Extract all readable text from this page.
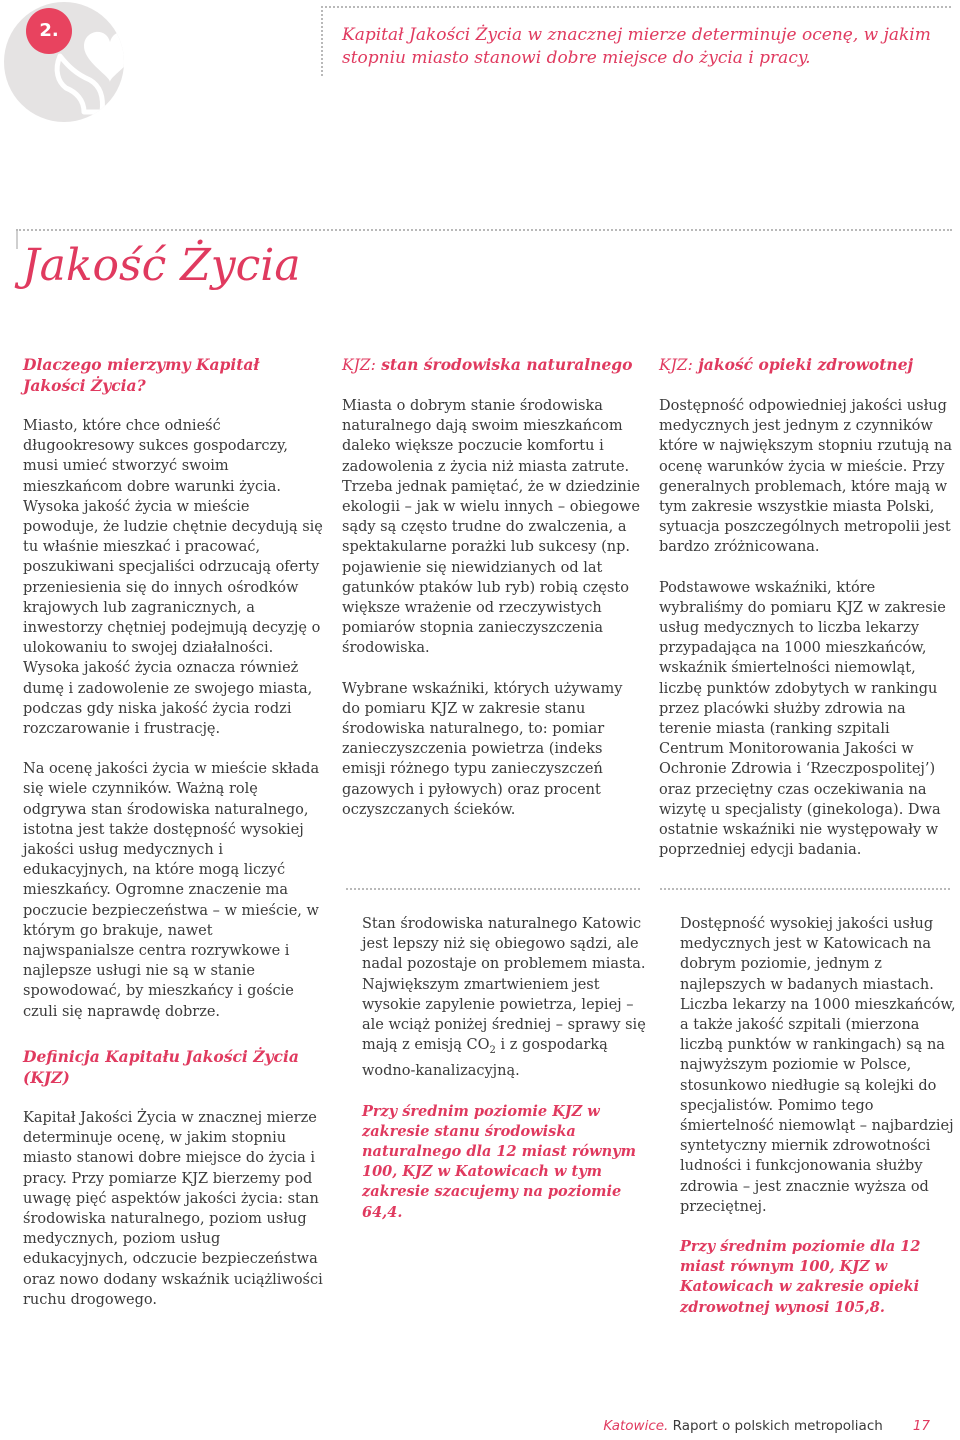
2.	Kapitał Jakości Życia w znacznej mierze determinuje ocenę, w jakim stopniu miasto stanowi dobre miejsce do życia i pracy.
Jakość Życia
Dlaczego mierzymy Kapitał Jakości Życia?

Miasto, które chce odnieść długookresowy sukces gospodarczy, musi umieć stworzyć swoim mieszkańcom dobre warunki życia. Wysoka jakość życia w mieście powoduje, że ludzie chętnie decydują się tu właśnie mieszkać i pracować, poszukiwani specjaliści odrzucają oferty przeniesienia się do innych ośrodków krajowych lub zagranicznych, a inwestorzy chętniej podejmują decyzję o ulokowaniu to swojej działalności. Wysoka jakość życia oznacza również dumę i zadowolenie ze swojego miasta, podczas gdy niska jakość życia rodzi rozczarowanie i frustrację.

Na ocenę jakości życia w mieście składa się wiele czynników. Ważną rolę odgrywa stan środowiska naturalnego, istotna jest także dostępność wysokiej jakości usług medycznych i edukacyjnych, na które mogą liczyć mieszkańcy. Ogromne znaczenie ma poczucie bezpieczeństwa – w mieście, w którym go brakuje, nawet najwspanialsze centra rozrywkowe i najlepsze usługi nie są w stanie spowodować, by mieszkańcy i goście czuli się naprawdę dobrze.

Definicja Kapitału Jakości Życia (KJZ)

Kapitał Jakości Życia w znacznej mierze determinuje ocenę, w jakim stopniu miasto stanowi dobre miejsce do życia i pracy. Przy pomiarze KJZ bierzemy pod uwagę pięć aspektów jakości życia: stan środowiska naturalnego, poziom usług medycznych, poziom usług edukacyjnych, odczucie bezpieczeństwa oraz nowo dodany wskaźnik uciążliwości ruchu drogowego.

KJZ: stan środowiska naturalnego

Miasta o dobrym stanie środowiska naturalnego dają swoim mieszkańcom daleko większe poczucie komfortu i zadowolenia z życia niż miasta zatrute. Trzeba jednak pamiętać, że w dziedzinie ekologii – jak w wielu innych – obiegowe sądy są często trudne do zwalczenia, a spektakularne porażki lub sukcesy (np. pojawienie się niewidzianych od lat gatunków ptaków lub ryb) robią często większe wrażenie od rzeczywistych pomiarów stopnia zanieczyszczenia środowiska.

Wybrane wskaźniki, których używamy do pomiaru KJZ w zakresie stanu środowiska naturalnego, to: pomiar zanieczyszczenia powietrza (indeks emisji różnego typu zanieczyszczeń gazowych i pyłowych) oraz procent oczyszczanych ścieków.

Stan środowiska naturalnego Katowic jest lepszy niż się obiegowo sądzi, ale nadal pozostaje on problemem miasta. Największym zmartwieniem jest wysokie zapylenie powietrza, lepiej – ale wciąż poniżej średniej – sprawy się mają z emisją $CO_2$ i z gospodarką wodno-kanalizacyjną.

Przy średnim poziomie KJZ w zakresie stanu środowiska naturalnego dla 12 miast równym 100, KJZ w Katowicach w tym zakresie szacujemy na poziomie 64,4.

KJZ: jakość opieki zdrowotnej

Dostępność odpowiedniej jakości usług medycznych jest jednym z czynników które w największym stopniu rzutują na ocenę warunków życia w mieście. Przy generalnych problemach, które mają w tym zakresie wszystkie miasta Polski, sytuacja poszczególnych metropolii jest bardzo zróżnicowana.

Podstawowe wskaźniki, które wybraliśmy do pomiaru KJZ w zakresie usług medycznych to liczba lekarzy przypadająca na 1000 mieszkańców, wskaźnik śmiertelności niemowląt, liczbę punktów zdobytych w rankingu przez placówki służby zdrowia na terenie miasta (ranking szpitali Centrum Monitorowania Jakości w Ochronie Zdrowia i ‘Rzeczpospolitej’) oraz przeciętny czas oczekiwania na wizytę u specjalisty (ginekologa). Dwa ostatnie wskaźniki nie występowały w poprzedniej edycji badania.

Dostępność wysokiej jakości usług medycznych jest w Katowicach na dobrym poziomie, jednym z najlepszych w badanych miastach. Liczba lekarzy na 1000 mieszkańców, a także jakość szpitali (mierzona liczbą punktów w rankingach) są na najwyższym poziomie w Polsce, stosunkowo niedługie są kolejki do specjalistów. Pomimo tego śmiertelność niemowląt – najbardziej syntetyczny miernik zdrowotności ludności i funkcjonowania służby zdrowia – jest znacznie wyższa od przeciętnej.

Przy średnim poziomie dla 12 miast równym 100, KJZ w Katowicach w zakresie opieki zdrowotnej wynosi 105,8.

Katowice. Raport o polskich metropoliach 17
